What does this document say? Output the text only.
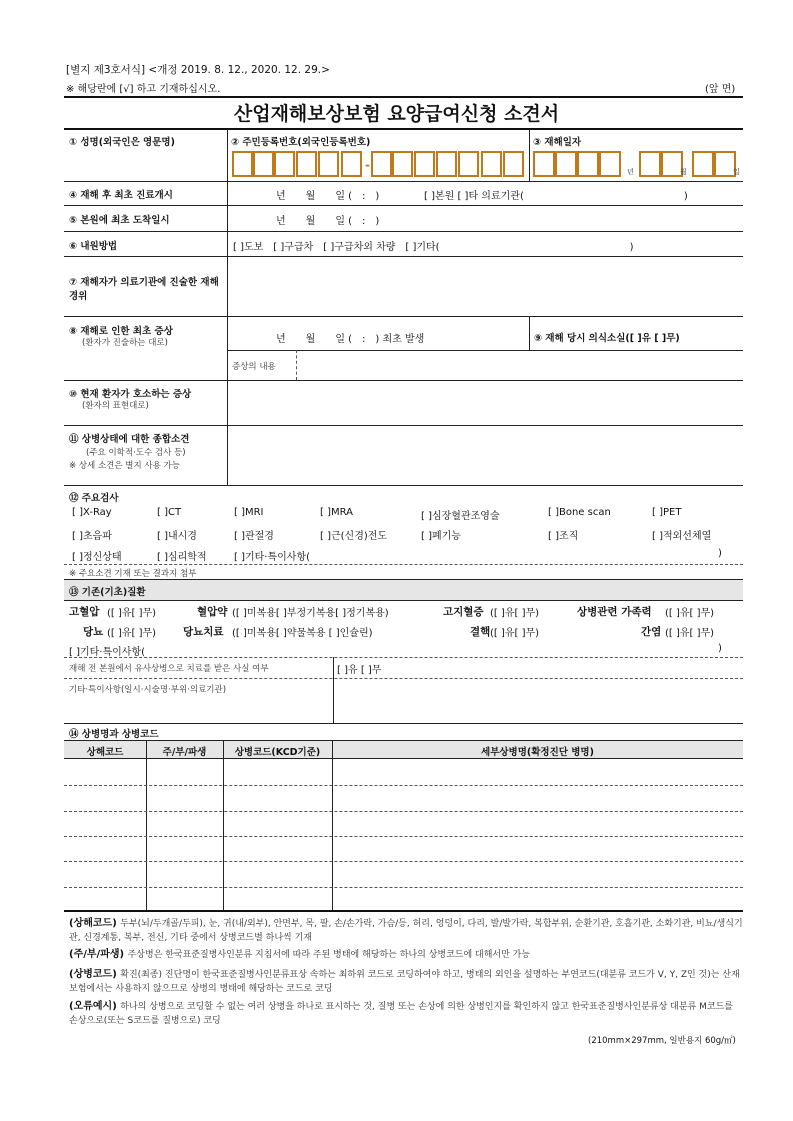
[별지 제3호서식] <개정 2019. 8. 12., 2020. 12. 29.>
※ 해당란에 [√] 하고 기재하십시오.	(앞 면)
산업재해보상보험 요양급여신청 소견서
① 성명(외국인은 영문명)	② 주민등록번호(외국인등록번호)	③ 재해일자
-	년	월	일
④ 재해 후 최초 진료개시	년　　월　　일 (　:　)	[ ]본원 [ ]타 의료기관(　　　　　　　　　　　　　　　　)
⑤ 본원에 최초 도착일시	년　　월　　일 (　:　)
⑥ 내원방법	[ ]도보　[ ]구급차　[ ]구급차외 차량　[ ]기타(　　　　　　　　　　　　　　　　　　　)
⑦ 재해자가 의료기관에 진술한 재해경위
⑧ 재해로 인한 최초 증상
(환자가 진술하는 대로)	년　　월　　일 (　:　) 최초 발생	⑨ 재해 당시 의식소실([ ]유 [ ]무)
증상의 내용
⑩ 현재 환자가 호소하는 증상
(환자의 표현대로)
⑪ 상병상태에 대한 종합소견
(주요 이학적·도수 검사 등)
※ 상세 소견은 별지 사용 가능
⑫ 주요검사
[ ]X-Ray	[ ]CT	[ ]MRI	[ ]MRA	[ ]심장혈관조영술	[ ]Bone scan	[ ]PET
[ ]초음파	[ ]내시경	[ ]관절경	[ ]근(신경)전도	[ ]폐기능	[ ]조직	[ ]적외선체열
[ ]정신상태	[ ]심리학적	[ ]기타·특이사항(	)
※ 주요소견 기재 또는 결과지 첨부
⑬ 기존(기초)질환
고혈압 ([ ]유[ ]무)	혈압약 ([ ]미복용[ ]부정기복용[ ]정기복용)	고지혈증 ([ ]유[ ]무)	상병관련 가족력 ([ ]유[ ]무)
당뇨 ([ ]유[ ]무)	당뇨치료 ([ ]미복용[ ]약물복용 [ ]인슐린)	결핵 ([ ]유[ ]무)	간염 ([ ]유[ ]무)
[ ]기타·특이사항(	)
재해 전 본원에서 유사상병으로 치료를 받은 사실 여부	[ ]유 [ ]무
기타·특이사항(일시·시술명·부위·의료기관)
⑭ 상병명과 상병코드
상해코드	주/부/파생	상병코드(KCD기준)	세부상병명(확정진단 병명)
(상해코드) 두부(뇌/두개골/두피), 눈, 귀(내/외부), 안면부, 목, 팔, 손/손가락, 가슴/등, 허리, 엉덩이, 다리, 발/발가락, 복합부위, 순환기관, 호흡기관, 소화기관, 비뇨/생식기관, 신경계통, 복부, 전신, 기타 중에서 상병코드별 하나씩 기재
(주/부/파생) 주상병은 한국표준질병사인분류 지침서에 따라 주된 병태에 해당하는 하나의 상병코드에 대해서만 가능
(상병코드) 확진(최종) 진단명이 한국표준질병사인분류표상 속하는 최하위 코드로 코딩하여야 하고, 병태의 외인을 설명하는 부연코드(대분류 코드가 V, Y, Z인 것)는 산재보험에서는 사용하지 않으므로 상병의 병태에 해당하는 코드로 코딩
(오류예시) 하나의 상병으로 코딩할 수 없는 여러 상병을 하나로 표시하는 것, 질병 또는 손상에 의한 상병인지를 확인하지 않고 한국표준질병사인분류상 대분류 M코드를 손상으로(또는 S코드를 질병으로) 코딩
(210mm×297mm, 일반용지 60g/㎡)
